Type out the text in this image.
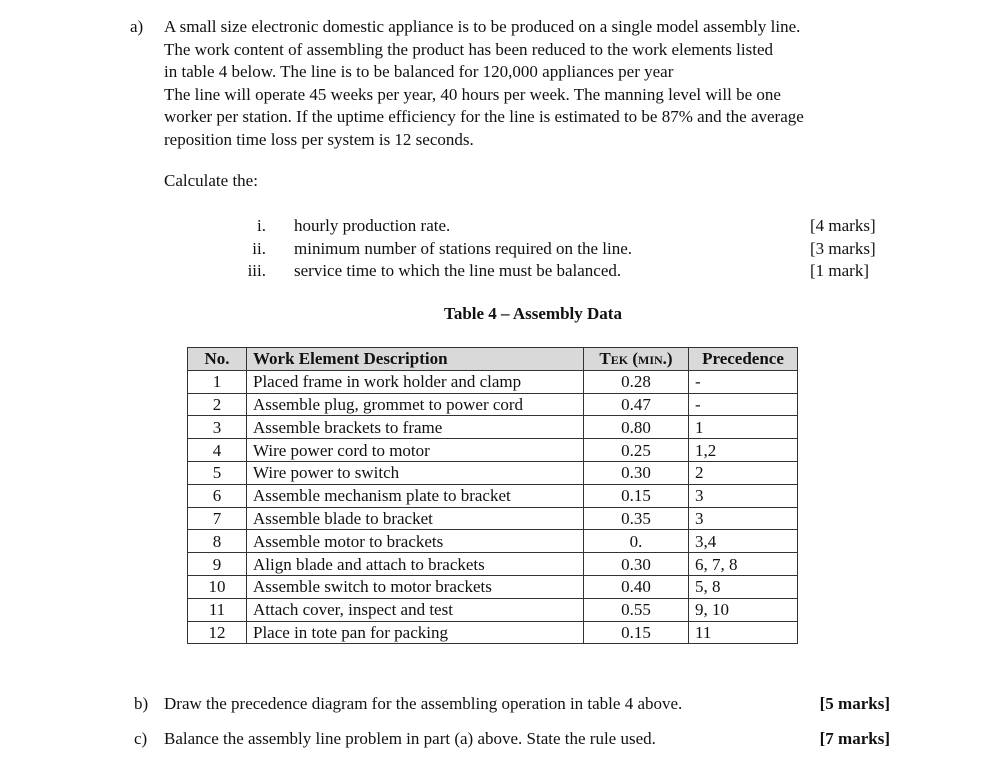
a) A small size electronic domestic appliance is to be produced on a single model assembly line.
The work content of assembling the product has been reduced to the work elements listed
in table 4 below. The line is to be balanced for 120,000 appliances per year
The line will operate 45 weeks per year, 40 hours per week. The manning level will be one
worker per station. If the uptime efficiency for the line is estimated to be 87% and the average
reposition time loss per system is 12 seconds.
Calculate the:
i. hourly production rate.	[4 marks]
ii. minimum number of stations required on the line.	[3 marks]
iii. service time to which the line must be balanced.	[1 mark]
Table 4 – Assembly Data
No.	Work Element Description	Tek (min.)	Precedence
1	Placed frame in work holder and clamp	0.28	-
2	Assemble plug, grommet to power cord	0.47	-
3	Assemble brackets to frame	0.80	1
4	Wire power cord to motor	0.25	1,2
5	Wire power to switch	0.30	2
6	Assemble mechanism plate to bracket	0.15	3
7	Assemble blade to bracket	0.35	3
8	Assemble motor to brackets	0.	3,4
9	Align blade and attach to brackets	0.30	6, 7, 8
10	Assemble switch to motor brackets	0.40	5, 8
11	Attach cover, inspect and test	0.55	9, 10
12	Place in tote pan for packing	0.15	11
b) Draw the precedence diagram for the assembling operation in table 4 above.	[5 marks]
c) Balance the assembly line problem in part (a) above. State the rule used.	[7 marks]
